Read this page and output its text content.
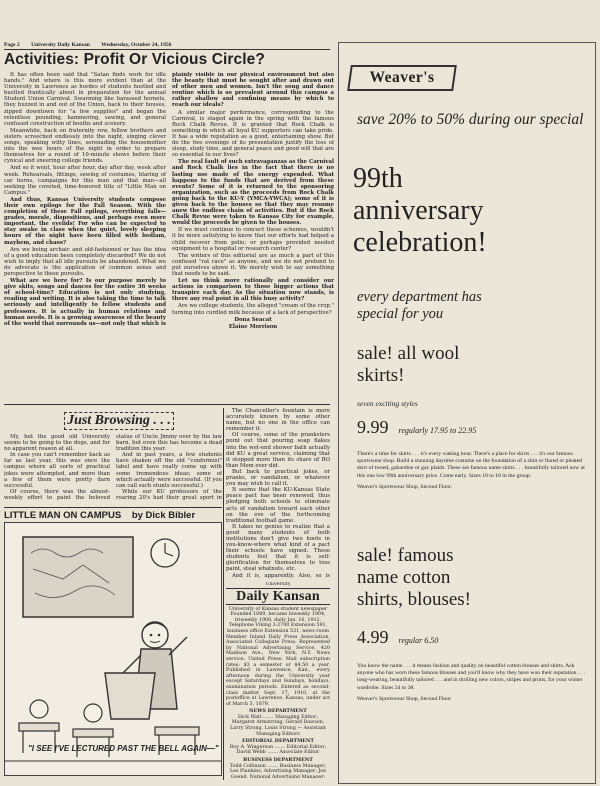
Page 2 University Daily Kansan Wednesday, October 24, 1956
Activities: Profit Or Vicious Circle?

It has often been said that "Satan finds work for idle hands." And where is this more evident than at the University in Lawrence as hordes of students hustled and bustled frantically about in preparation for the annual Student Union Carnival. Swarming like harassed hornets, they buzzed in and out of the Union, back to their houses, zipped downtown for "a few supplies" and began the relentless pounding, hammering, sawing, and general confused construction of booths and scenery.

Meanwhile, back on fraternity row, fellow brothers and sisters screeched endlessly into the night, singing clever songs, speaking witty lines, serenading the housemother into the wee hours of the night in order to prepare themselves for a round of 10-minute shows before their cynical and sneering college friends.

And so it went, hour after hour, day after day, week after week. Rehearsals, fittings, sewing of costumes, blaring of car horns, campaigns for this man and that man—all seeking the coveted, time-honored title of "Little Man on Campus."

And thus, Kansas University students compose their own epilogs for the Fall Season. With the completion of these Fall epilogs, everything falls—grades, morale, dispositions, and perhaps even more important, the eyelids! For who can be expected to stay awake in class when the quiet, lovely sleeping hours of the night have been filled with bedlam, mayhem, and chaos?

Are we being archaic and old-fashioned or has the idea of a good education been completely discarded? We do not wish to imply that all idle pursuits be abandoned. What we do advocate is the application of common sense and perspective to these pursuits.

What are we here for? Is our purpose merely to give skits, songs and dances for the entire 36 weeks of school-time? Education is not only studying, reading and writing. It is also taking the time to talk seriously and intelligently to fellow students and professors. It is actually in human relations and human needs. It is a growing awareness of the beauty of the world that surrounds us—not only that which is plainly visible in our physical environment but also the beauty that must be sought after and drawn out of other men and women. Isn't the song and dance routine which is so prevalent around this campus a rather shallow and confining means by which to reach our ideals?

A similar major performance, corresponding to the Carnival, is staged again in the spring with the famous Rock Chalk Revue. It is granted that Rock Chalk is something in which all loyal KU supporters can take pride. It has a wide reputation as a good, entertaining show. But do the two evenings of its presentation justify the loss of sleep, study time, and general peace and good will that are so essential to our lives?

The real fault of such extravaganzas as the Carnival and Rock Chalk lies in the fact that there is no lasting use made of the energy expended. What happens to the funds that are derived from these events? Some of it is returned to the sponsoring organization, such as the proceeds from Rock Chalk going back to the KU-Y (YMCA-YWCA); some of it is given back to the houses so that they may resume anew the endless chain of activities. But if the Rock Chalk Revue were taken to Kansas City for example, would the proceeds be given to the houses.

If we must continue to concoct these schemes, wouldn't it be more satisfying to know that our efforts had helped a child recover from polio; or perhaps provided needed equipment to a hospital or research center?

The writers of this editorial are as much a part of this confused "rat race" as anyone, and we do not pretend to put ourselves above it. We merely wish to say something that needs to be said.

Let us think more rationally and consider our actions in comparison to those bigger actions that transpire each day. As the situation now stands, is there any real point in all this busy activity?

Are we college students, the alleged "cream of the crop," turning into curdled milk because of a lack of perspective?

Dona Seacat

Elaine Morrison

Just Browsing . . .

My, but the good old University seems to be going to the dogs, and for no apparent reason at all.

In case you can't remember back as far as last year, this was once the campus where all sorts of practical jokes were attempted, and more than a few of them were pretty darn successful.

Of course, there was the almost-weekly effort to paint the beloved statue of Uncle Jimmy over by the law barn, but even this has become a dead tradition this year.

And in past years, a few students have shaken off the old "conformist" label and have really come up with some tremendous ideas; some of which actually were successful. (If you can call such stunts successful.)

While our KU professors of the roaring 20's had their great sport in

LITTLE MAN ON CAMPUS by Dick Bibler
"I SEE I'VE LECTURED PAST THE BELL AGAIN—"

The Chancellor's fountain is more accurately known by some other name, but no one in the office can remember it.

Of course, some of the pranksters point out that pouring soap flakes into the wet-end shower bath actually did KU a great service, claiming that it stopped more than its share of BO than Mom ever did.

But back to practical jokes, or pranks, or vandalism, or whatever you may wish to call it.

It seems that the KU-Kansas State peace pact has been renewed, thus pledging both schools to eliminate acts of vandalism toward each other on the eve of the forthcoming traditional football game.

It takes no genius to realize that a good many students of both institutions don't give two hoots in you-know-where what kind of a pact their schools have signed. These students feel that it is self-glorification for themselves to toss paint, steal whatnots, etc.

And it is, apparently. Also, so is

University
Daily Kansan
University of Kansas student newspaper Founded 1889, became biweekly 1904, triweekly 1908, daily Jan. 16, 1912.
Telephone Viking 3-2700 Extension 591, business office Extension 531, news room
Member Inland Daily Press Association, Associated Collegiate Press. Represented by National Advertising Service, 420 Madison Ave., New York, N.Y. News service: United Press. Mail subscription rates: $3 a semester or $4.50 a year. Published in Lawrence, Kan., every afternoon during the University year except Saturdays and Sundays, holidays, examination periods. Entered as second-class matter Sept. 17, 1910, at the postoffice at Lawrence, Kansas, under act of March 3, 1879.
NEWS DEPARTMENT
Dick Walt ....... Managing Editor; Margaret Armstrong, Gerald Dawson, Larry Strong, Louis Strong — Assistant Managing Editors
EDITORIAL DEPARTMENT
Roy A. Wingerson ....... Editorial Editor; David Webb ....... Associate Editor
BUSINESS DEPARTMENT
Todd Collinson ....... Business Manager; Les Plankins, Advertising Manager; Joe Goend, National Advertising Manager;
Weaver's
save 20% to 50% during our special
99th
anniversary
celebration!
every department has
special for you
sale! all wool
skirts!
seven exciting styles
9.99 regularly 17.95 to 22.95
There's a time for skirts . . . it's every waking hour. There's a place for skirts . . . it's our famous sportswear shop. Build a stunning daytime costume on the foundation of a slim or flared or pleated skirt of tweed, gabardine or gay plaids. These are famous name skirts . . . beautifully tailored now at this one low 99th anniversary price. Come early. Sizes 10 to 18 in the group.
Weaver's Sportswear Shop, Second Floor.
sale! famous
name cotton
shirts, blouses!
4.99 regular 6.50
You know the name . . . it means fashion and quality on beautiful cotton blouses and shirts. Ask anyone who has worn these famous blouses and you'll know why they have won their reputation . . . long-wearing, beautifully tailored . . . and in thrilling new colors, stripes and prints, for your winter wardrobe. Sizes 34 to 38.
Weaver's Sportswear Shop, Second Floor
